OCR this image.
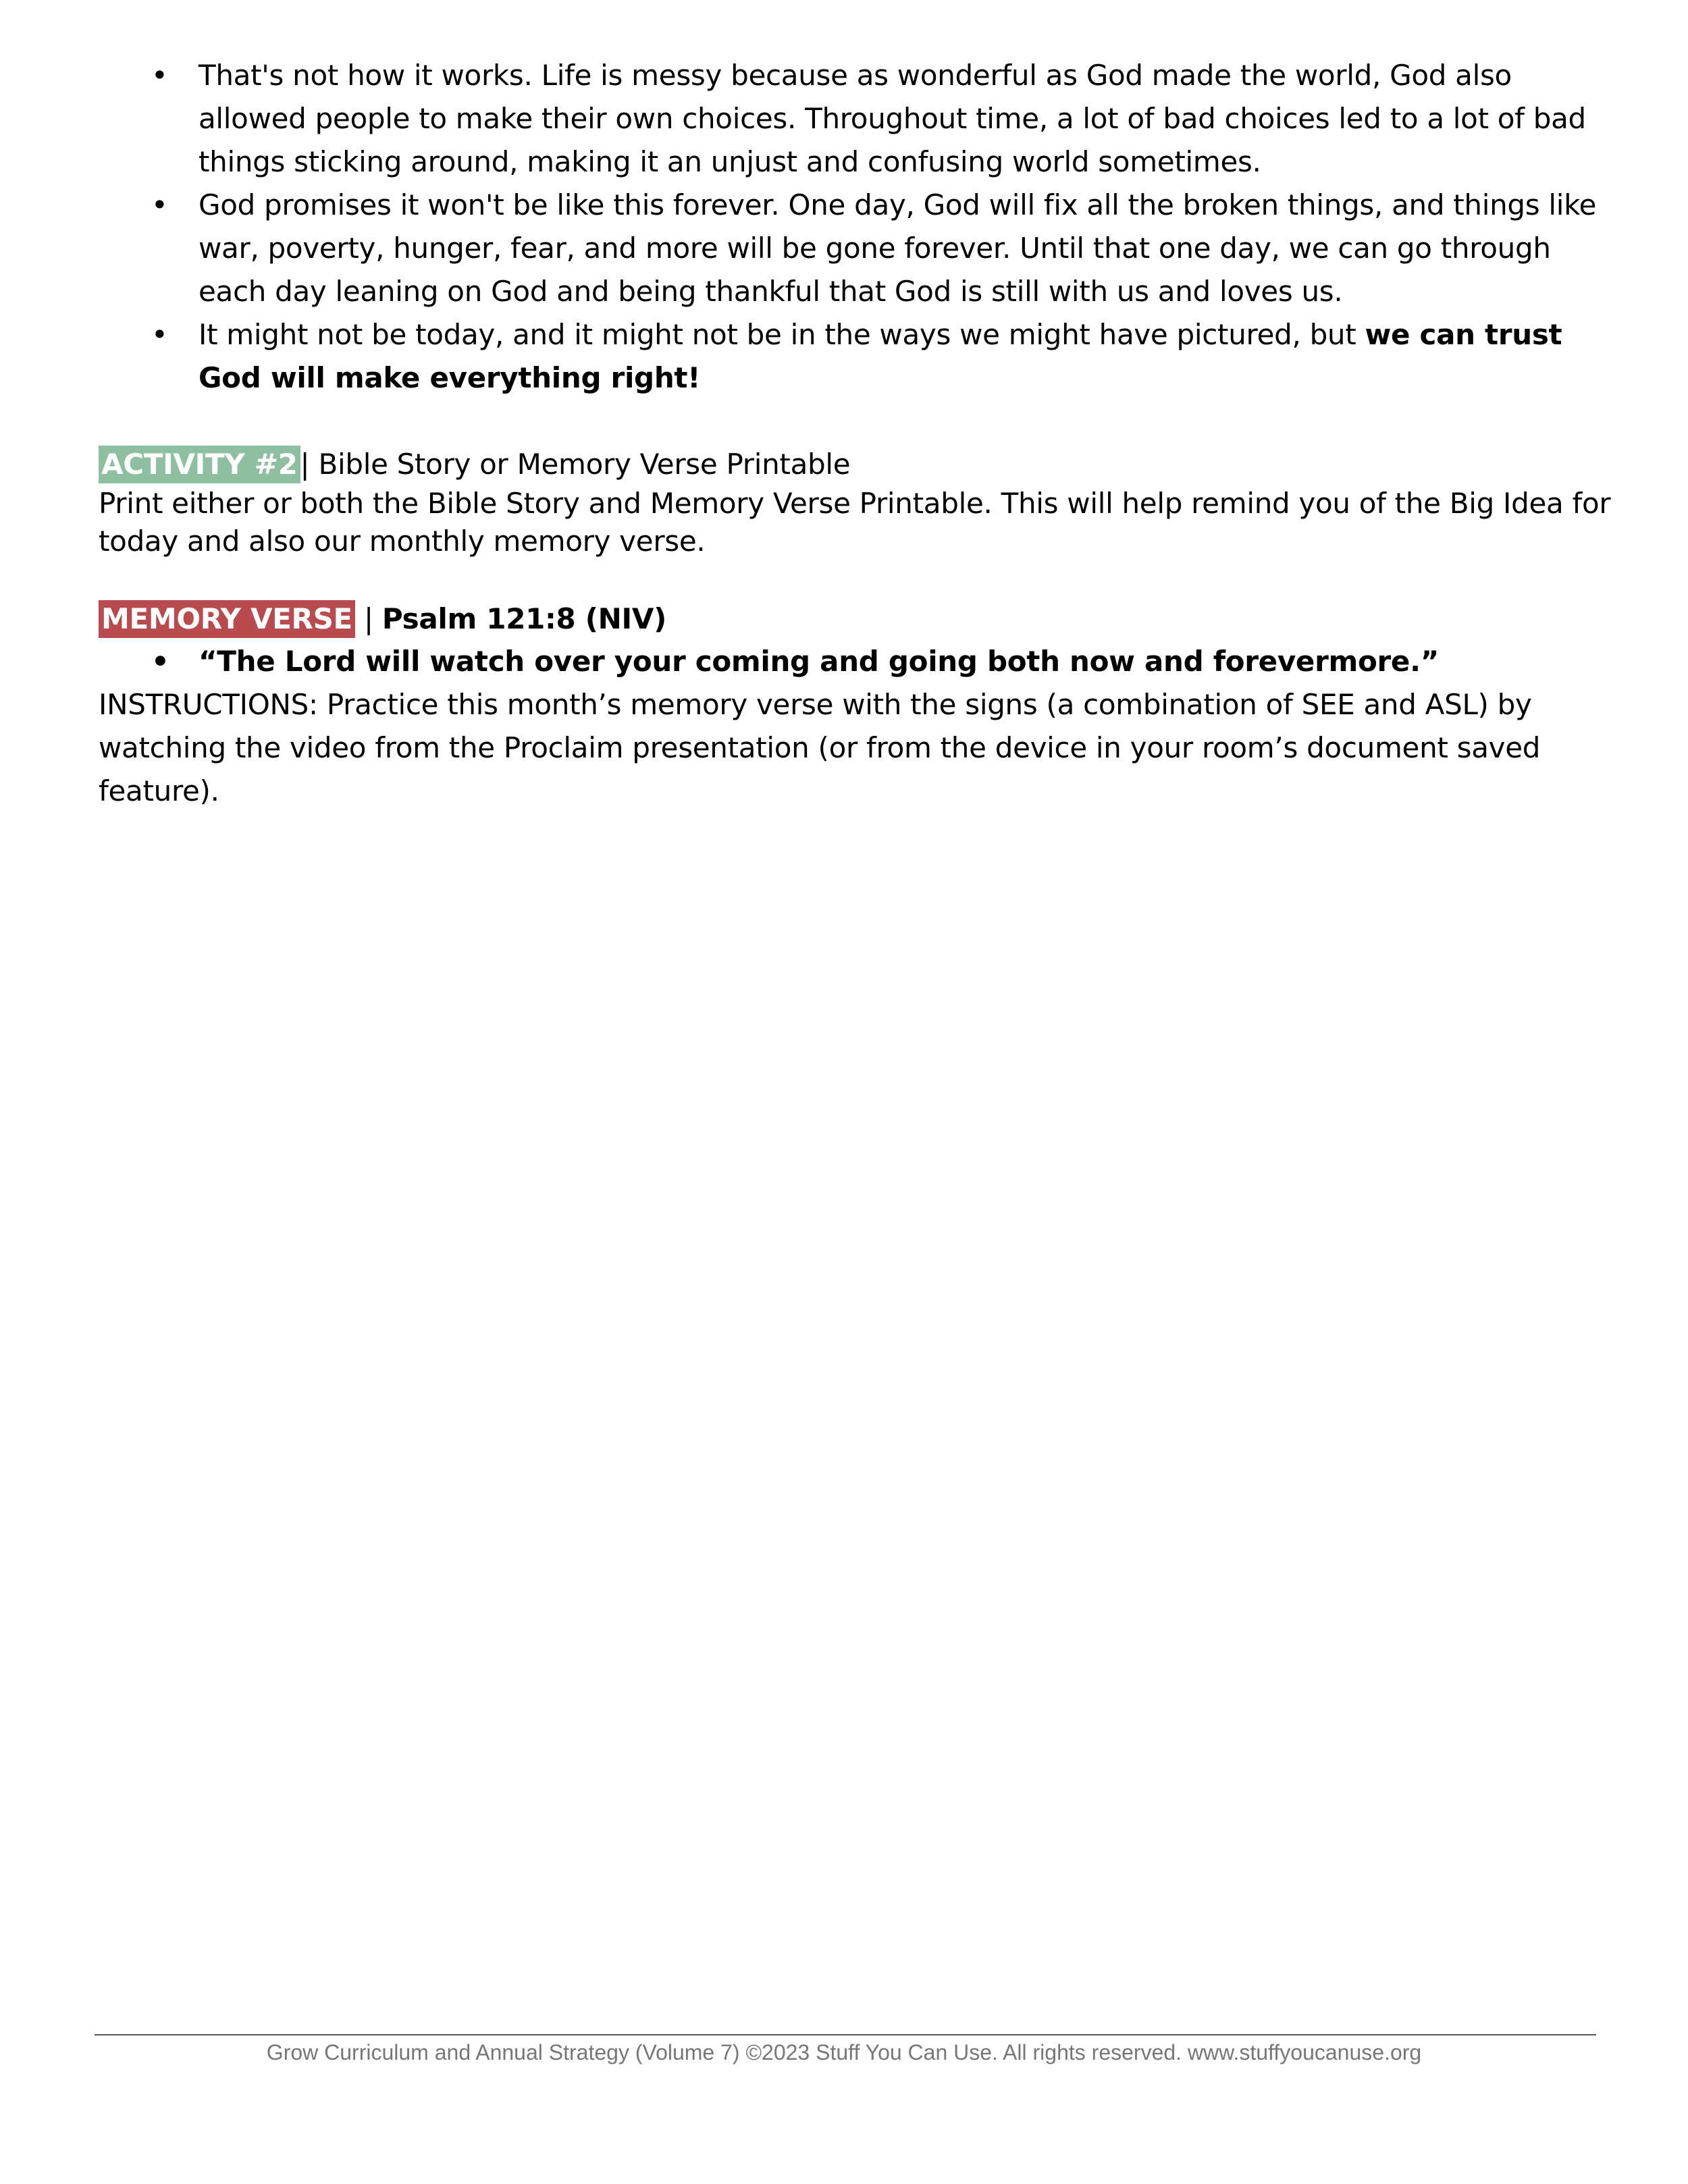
• That's not how it works. Life is messy because as wonderful as God made the world, God also allowed people to make their own choices. Throughout time, a lot of bad choices led to a lot of bad things sticking around, making it an unjust and confusing world sometimes.
• God promises it won't be like this forever. One day, God will fix all the broken things, and things like war, poverty, hunger, fear, and more will be gone forever. Until that one day, we can go through each day leaning on God and being thankful that God is still with us and loves us.
• It might not be today, and it might not be in the ways we might have pictured, but we can trust God will make everything right!
ACTIVITY #2| Bible Story or Memory Verse Printable
Print either or both the Bible Story and Memory Verse Printable. This will help remind you of the Big Idea for today and also our monthly memory verse.
MEMORY VERSE | Psalm 121:8 (NIV)
• “The Lord will watch over your coming and going both now and forevermore.”
INSTRUCTIONS: Practice this month’s memory verse with the signs (a combination of SEE and ASL) by watching the video from the Proclaim presentation (or from the device in your room’s document saved feature).
Grow Curriculum and Annual Strategy (Volume 7) ©2023 Stuff You Can Use. All rights reserved. www.stuffyoucanuse.org
